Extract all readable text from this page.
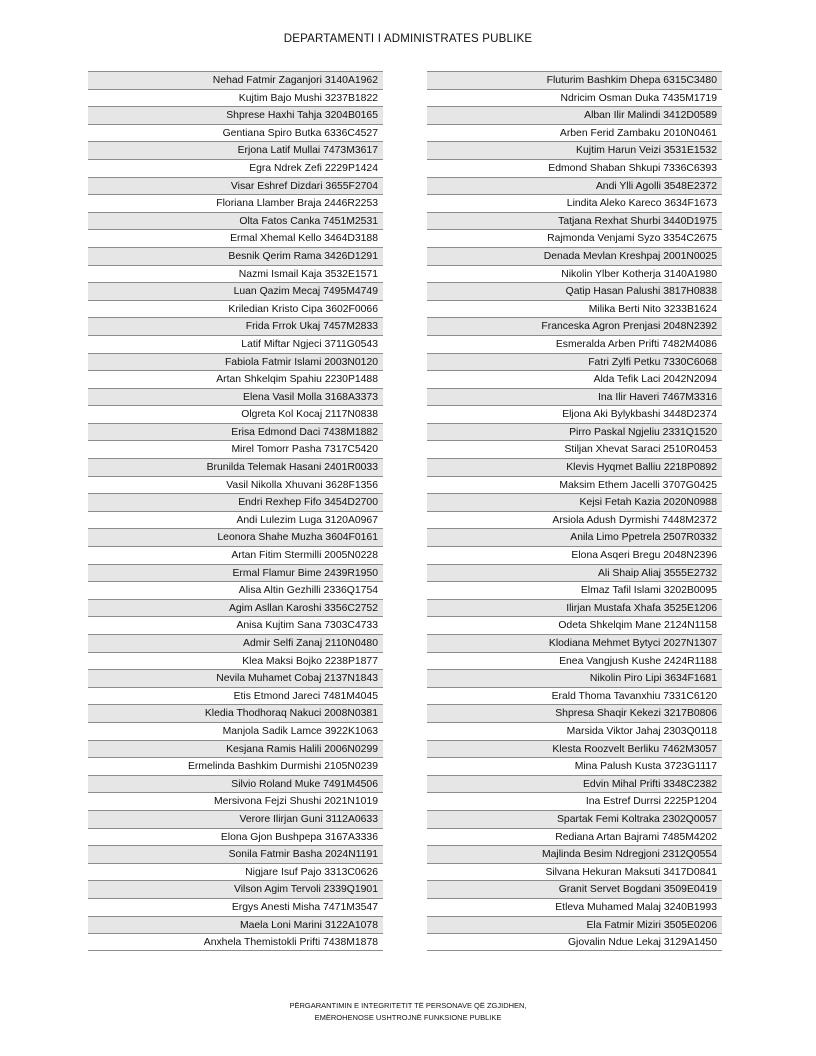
DEPARTAMENTI I ADMINISTRATES PUBLIKE
Nehad Fatmir Zaganjori 3140A1962
Kujtim Bajo Mushi 3237B1822
Shprese Haxhi Tahja 3204B0165
Gentiana Spiro Butka 6336C4527
Erjona Latif Mullai 7473M3617
Egra Ndrek Zefi 2229P1424
Visar Eshref Dizdari 3655F2704
Floriana Llamber Braja 2446R2253
Olta Fatos Canka 7451M2531
Ermal Xhemal Kello 3464D3188
Besnik Qerim Rama 3426D1291
Nazmi Ismail Kaja 3532E1571
Luan Qazim Mecaj 7495M4749
Kriledian Kristo Cipa 3602F0066
Frida Frrok Ukaj 7457M2833
Latif Miftar Ngjeci 3711G0543
Fabiola Fatmir Islami 2003N0120
Artan Shkelqim Spahiu 2230P1488
Elena Vasil Molla 3168A3373
Olgreta Kol Kocaj 2117N0838
Erisa Edmond Daci 7438M1882
Mirel Tomorr Pasha 7317C5420
Brunilda Telemak Hasani 2401R0033
Vasil Nikolla Xhuvani 3628F1356
Endri Rexhep Fifo 3454D2700
Andi Lulezim Luga 3120A0967
Leonora Shahe Muzha 3604F0161
Artan Fitim Stermilli 2005N0228
Ermal Flamur Bime 2439R1950
Alisa Altin Gezhilli 2336Q1754
Agim Asllan Karoshi 3356C2752
Anisa Kujtim Sana 7303C4733
Admir Selfi Zanaj 2110N0480
Klea Maksi Bojko 2238P1877
Nevila Muhamet Cobaj 2137N1843
Etis Etmond Jareci 7481M4045
Kledia Thodhoraq Nakuci 2008N0381
Manjola Sadik Lamce 3922K1063
Kesjana Ramis Halili 2006N0299
Ermelinda Bashkim Durmishi 2105N0239
Silvio Roland Muke 7491M4506
Mersivona Fejzi Shushi 2021N1019
Verore Ilirjan Guni 3112A0633
Elona Gjon Bushpepa 3167A3336
Sonila Fatmir Basha 2024N1191
Nigjare Isuf Pajo 3313C0626
Vilson Agim Tervoli 2339Q1901
Ergys Anesti Misha 7471M3547
Maela Loni Marini 3122A1078
Anxhela Themistokli Prifti 7438M1878
Fluturim Bashkim Dhepa 6315C3480
Ndricim Osman Duka 7435M1719
Alban Ilir Malindi 3412D0589
Arben Ferid Zambaku 2010N0461
Kujtim Harun Veizi 3531E1532
Edmond Shaban Shkupi 7336C6393
Andi Ylli Agolli 3548E2372
Lindita Aleko Kareco 3634F1673
Tatjana Rexhat Shurbi 3440D1975
Rajmonda Venjami Syzo 3354C2675
Denada Mevlan Kreshpaj 2001N0025
Nikolin Ylber Kotherja 3140A1980
Qatip Hasan Palushi 3817H0838
Milika Berti Nito 3233B1624
Franceska Agron Prenjasi 2048N2392
Esmeralda Arben Prifti 7482M4086
Fatri Zylfi Petku 7330C6068
Alda Tefik Laci 2042N2094
Ina Ilir Haveri 7467M3316
Eljona Aki Bylykbashi 3448D2374
Pirro Paskal Ngjeliu 2331Q1520
Stiljan Xhevat Saraci 2510R0453
Klevis Hyqmet Balliu 2218P0892
Maksim Ethem Jacelli 3707G0425
Kejsi Fetah Kazia 2020N0988
Arsiola Adush Dyrmishi 7448M2372
Anila Limo Ppetrela 2507R0332
Elona Asqeri Bregu 2048N2396
Ali Shaip Aliaj 3555E2732
Elmaz Tafil Islami 3202B0095
Ilirjan Mustafa Xhafa 3525E1206
Odeta Shkelqim Mane 2124N1158
Klodiana Mehmet Bytyci 2027N1307
Enea Vangjush Kushe 2424R1188
Nikolin Piro Lipi 3634F1681
Erald Thoma Tavanxhiu 7331C6120
Shpresa Shaqir Kekezi 3217B0806
Marsida Viktor Jahaj 2303Q0118
Klesta Roozvelt Berliku 7462M3057
Mina Palush Kusta 3723G1117
Edvin Mihal Prifti 3348C2382
Ina Estref Durrsi 2225P1204
Spartak Femi Koltraka 2302Q0057
Rediana Artan Bajrami 7485M4202
Majlinda Besim Ndregjoni 2312Q0554
Silvana Hekuran Maksuti 3417D0841
Granit Servet Bogdani 3509E0419
Etleva Muhamed Malaj 3240B1993
Ela Fatmir Miziri 3505E0206
Gjovalin Ndue Lekaj 3129A1450
PËRGARANTIMIN E INTEGRITETIT TË PERSONAVE QË ZGJIDHEN,
EMËROHENOSE USHTROJNË FUNKSIONE PUBLIKE
